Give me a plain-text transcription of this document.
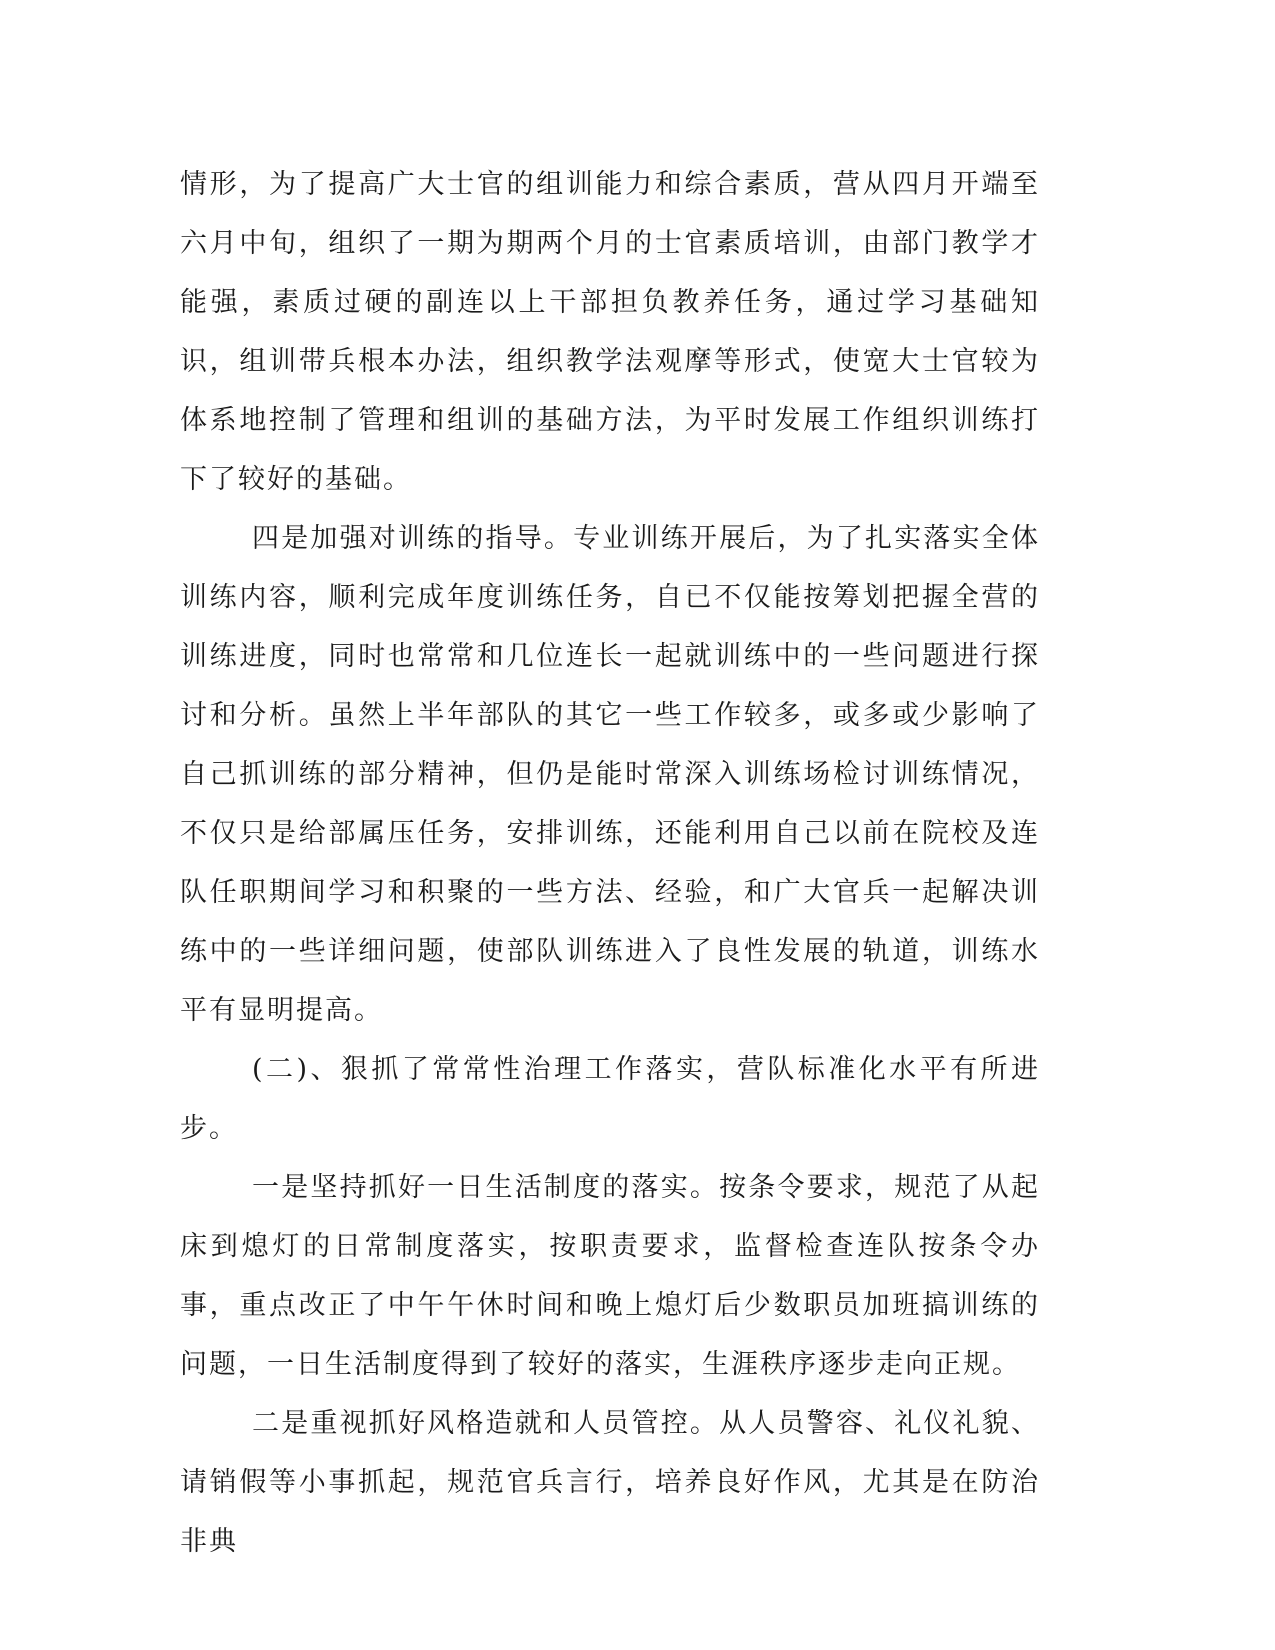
情形，为了提高广大士官的组训能力和综合素质，营从四月开端至六月中旬，组织了一期为期两个月的士官素质培训，由部门教学才能强，素质过硬的副连以上干部担负教养任务，通过学习基础知识，组训带兵根本办法，组织教学法观摩等形式，使宽大士官较为体系地控制了管理和组训的基础方法，为平时发展工作组织训练打下了较好的基础。

四是加强对训练的指导。专业训练开展后，为了扎实落实全体训练内容，顺利完成年度训练任务，自已不仅能按筹划把握全营的训练进度，同时也常常和几位连长一起就训练中的一些问题进行探讨和分析。虽然上半年部队的其它一些工作较多，或多或少影响了自己抓训练的部分精神，但仍是能时常深入训练场检讨训练情况，不仅只是给部属压任务，安排训练，还能利用自己以前在院校及连队任职期间学习和积聚的一些方法、经验，和广大官兵一起解决训练中的一些详细问题，使部队训练进入了良性发展的轨道，训练水平有显明提高。

(二)、狠抓了常常性治理工作落实，营队标准化水平有所进步。

一是坚持抓好一日生活制度的落实。按条令要求，规范了从起床到熄灯的日常制度落实，按职责要求，监督检查连队按条令办事，重点改正了中午午休时间和晚上熄灯后少数职员加班搞训练的问题，一日生活制度得到了较好的落实，生涯秩序逐步走向正规。

二是重视抓好风格造就和人员管控。从人员警容、礼仪礼貌、请销假等小事抓起，规范官兵言行，培养良好作风，尤其是在防治非典
